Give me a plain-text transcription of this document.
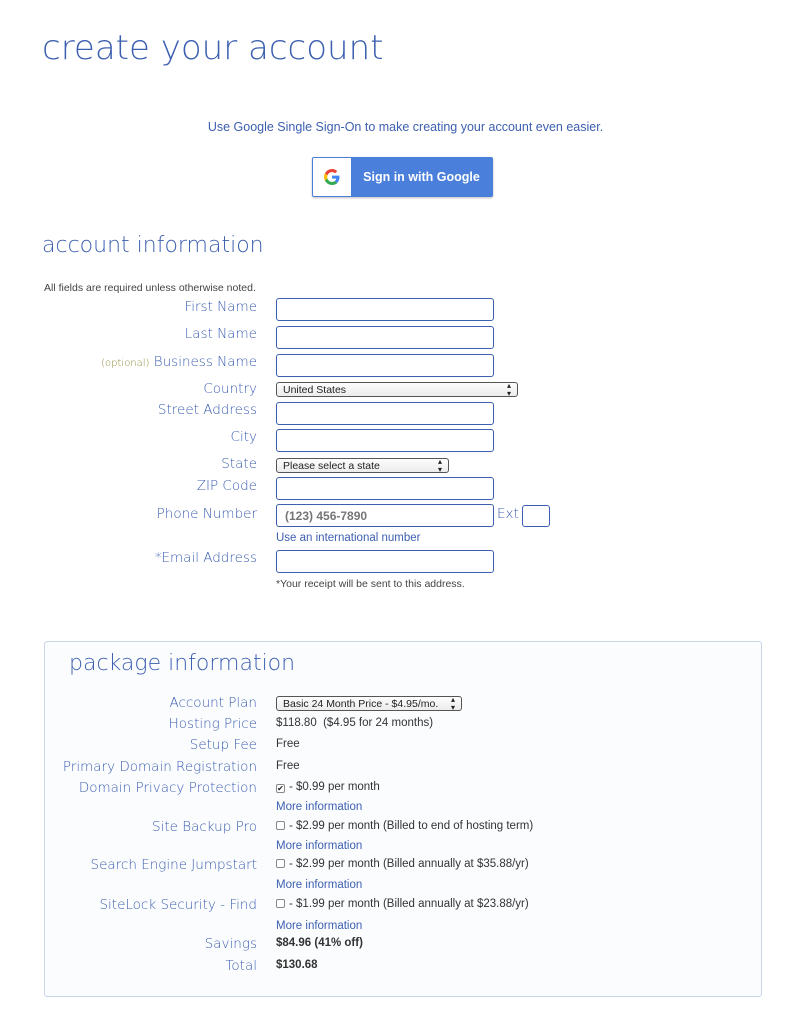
create your account
Use Google Single Sign-On to make creating your account even easier.
Sign in with Google
account information
All fields are required unless otherwise noted.
First Name
Last Name
(optional) Business Name
Country United States	▴
▾
Street Address
City
State Please select a state	▴
▾
ZIP Code
Phone Number
(123) 456-7890	Ext
Use an international number
*Email Address
*Your receipt will be sent to this address.
package information
Account Plan Basic 24 Month Price - $4.95/mo. ▴
▾
Hosting Price $118.80  ($4.95 for 24 months)
Setup Fee Free
Primary Domain Registration Free
Domain Privacy Protection	✔ - $0.99 per month
More information
Site Backup Pro	- $2.99 per month (Billed to end of hosting term)
More information
Search Engine Jumpstart	- $2.99 per month (Billed annually at $35.88/yr)
More information
SiteLock Security - Find	- $1.99 per month (Billed annually at $23.88/yr)
More information
Savings $84.96 (41% off)
Total $130.68
